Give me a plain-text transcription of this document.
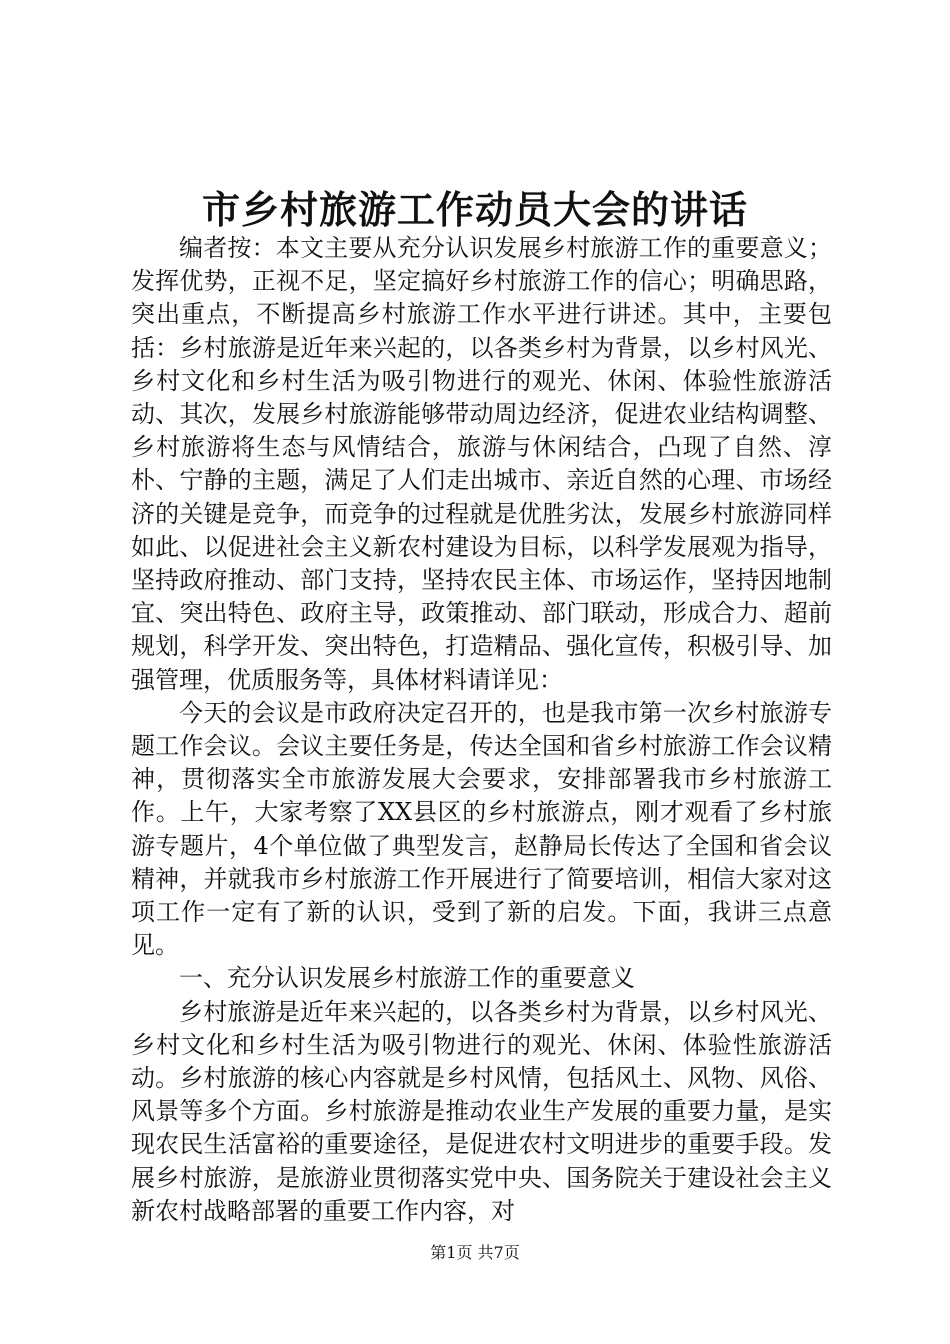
市乡村旅游工作动员大会的讲话

编者按：本文主要从充分认识发展乡村旅游工作的重要意义；发挥优势，正视不足，坚定搞好乡村旅游工作的信心；明确思路，突出重点，不断提高乡村旅游工作水平进行讲述。其中，主要包括：乡村旅游是近年来兴起的，以各类乡村为背景，以乡村风光、乡村文化和乡村生活为吸引物进行的观光、休闲、体验性旅游活动、其次，发展乡村旅游能够带动周边经济，促进农业结构调整、乡村旅游将生态与风情结合，旅游与休闲结合，凸现了自然、淳朴、宁静的主题，满足了人们走出城市、亲近自然的心理、市场经济的关键是竞争，而竞争的过程就是优胜劣汰，发展乡村旅游同样如此、以促进社会主义新农村建设为目标，以科学发展观为指导，坚持政府推动、部门支持，坚持农民主体、市场运作，坚持因地制宜、突出特色、政府主导，政策推动、部门联动，形成合力、超前规划，科学开发、突出特色，打造精品、强化宣传，积极引导、加强管理，优质服务等，具体材料请详见：

今天的会议是市政府决定召开的，也是我市第一次乡村旅游专题工作会议。会议主要任务是，传达全国和省乡村旅游工作会议精神，贯彻落实全市旅游发展大会要求，安排部署我市乡村旅游工作。上午，大家考察了XX县区的乡村旅游点，刚才观看了乡村旅游专题片，4个单位做了典型发言，赵静局长传达了全国和省会议精神，并就我市乡村旅游工作开展进行了简要培训，相信大家对这项工作一定有了新的认识，受到了新的启发。下面，我讲三点意见。

一、充分认识发展乡村旅游工作的重要意义

乡村旅游是近年来兴起的，以各类乡村为背景，以乡村风光、乡村文化和乡村生活为吸引物进行的观光、休闲、体验性旅游活动。乡村旅游的核心内容就是乡村风情，包括风土、风物、风俗、风景等多个方面。乡村旅游是推动农业生产发展的重要力量，是实现农民生活富裕的重要途径，是促进农村文明进步的重要手段。发展乡村旅游，是旅游业贯彻落实党中央、国务院关于建设社会主义新农村战略部署的重要工作内容，对

第1页 共7页
